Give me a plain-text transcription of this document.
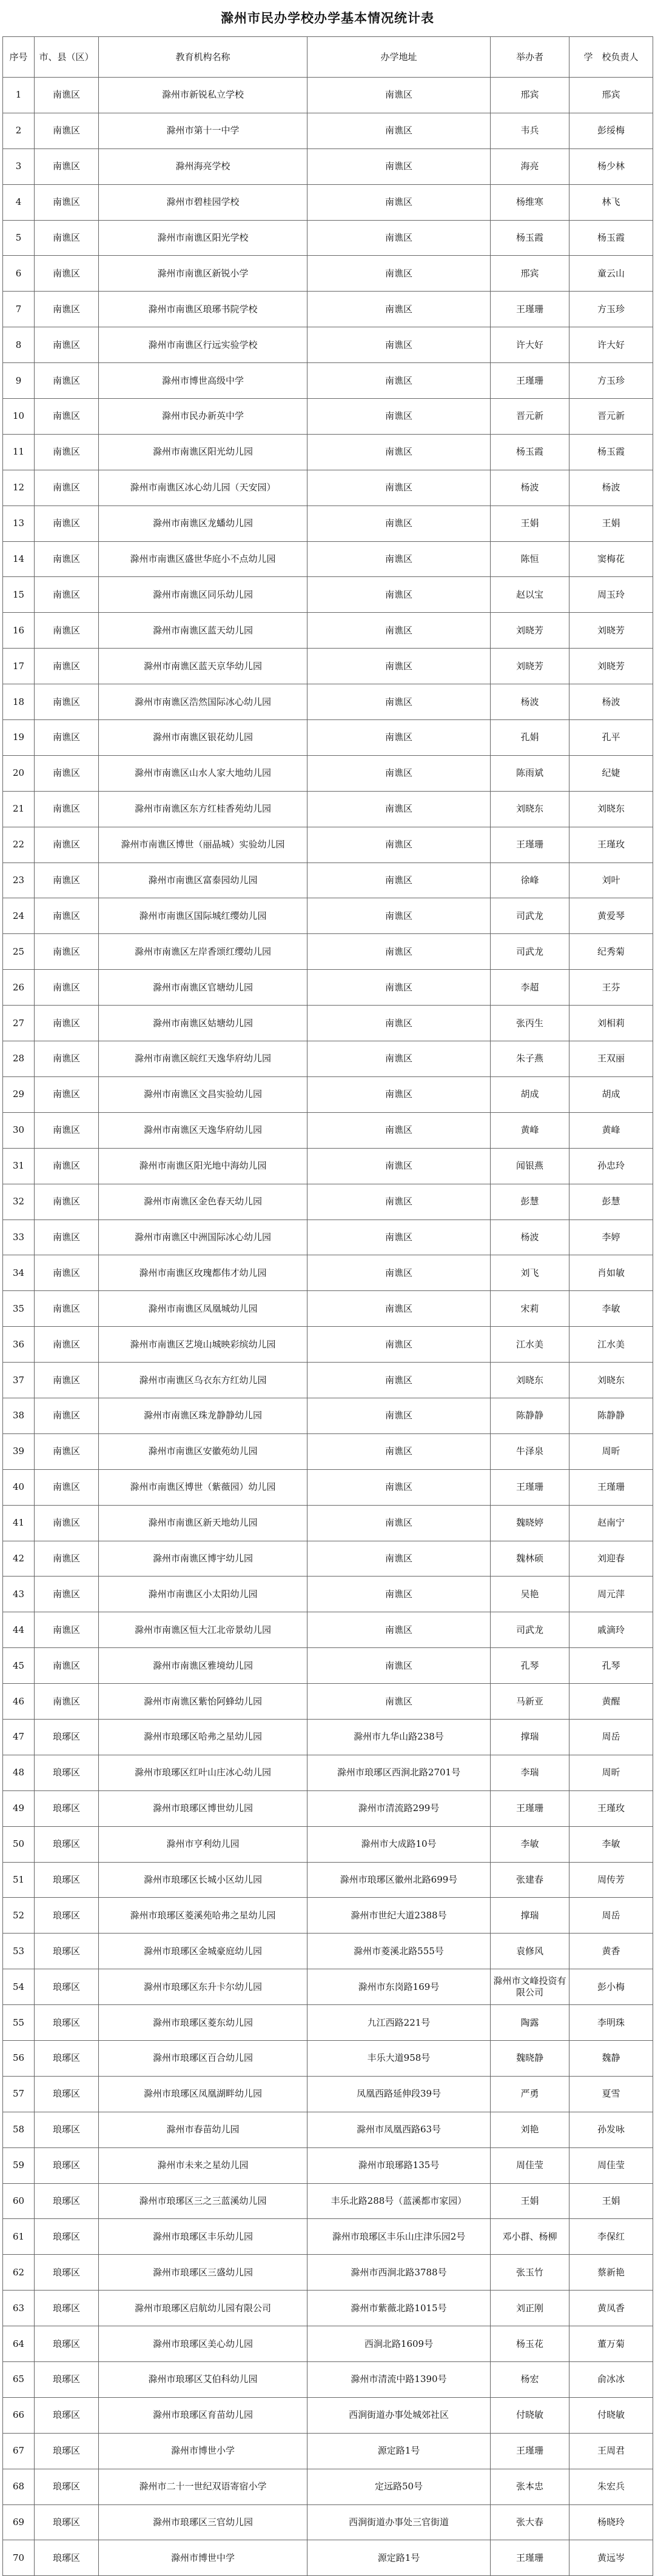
滁州市民办学校办学基本情况统计表
序号	市、县（区）	教育机构名称	办学地址	举办者	学　校负责人
1	南谯区	滁州市新锐私立学校	南谯区	邢宾	邢宾
2	南谯区	滁州市第十一中学	南谯区	韦兵	彭绥梅
3	南谯区	滁州海亮学校	南谯区	海亮	杨少林
4	南谯区	滁州市碧桂园学校	南谯区	杨维寒	林飞
5	南谯区	滁州市南谯区阳光学校	南谯区	杨玉霞	杨玉霞
6	南谯区	滁州市南谯区新锐小学	南谯区	邢宾	童云山
7	南谯区	滁州市南谯区琅琊书院学校	南谯区	王瑾珊	方玉珍
8	南谯区	滁州市南谯区行远实验学校	南谯区	许大好	许大好
9	南谯区	滁州市博世高级中学	南谯区	王瑾珊	方玉珍
10	南谯区	滁州市民办新英中学	南谯区	晋元新	晋元新
11	南谯区	滁州市南谯区阳光幼儿园	南谯区	杨玉霞	杨玉霞
12	南谯区	滁州市南谯区冰心幼儿园（天安园）	南谯区	杨波	杨波
13	南谯区	滁州市南谯区龙蟠幼儿园	南谯区	王娟	王娟
14	南谯区	滁州市南谯区盛世华庭小不点幼儿园	南谯区	陈恒	窦梅花
15	南谯区	滁州市南谯区同乐幼儿园	南谯区	赵以宝	周玉玲
16	南谯区	滁州市南谯区蓝天幼儿园	南谯区	刘晓芳	刘晓芳
17	南谯区	滁州市南谯区蓝天京华幼儿园	南谯区	刘晓芳	刘晓芳
18	南谯区	滁州市南谯区浩然国际冰心幼儿园	南谯区	杨波	杨波
19	南谯区	滁州市南谯区银花幼儿园	南谯区	孔娟	孔平
20	南谯区	滁州市南谯区山水人家大地幼儿园	南谯区	陈雨斌	纪婕
21	南谯区	滁州市南谯区东方红桂香苑幼儿园	南谯区	刘晓东	刘晓东
22	南谯区	滁州市南谯区博世（丽晶城）实验幼儿园	南谯区	王瑾珊	王瑾玫
23	南谯区	滁州市南谯区富泰园幼儿园	南谯区	徐峰	刘叶
24	南谯区	滁州市南谯区国际城红缨幼儿园	南谯区	司武龙	黄爱琴
25	南谯区	滁州市南谯区左岸香颂红缨幼儿园	南谯区	司武龙	纪秀菊
26	南谯区	滁州市南谯区官塘幼儿园	南谯区	李超	王芬
27	南谯区	滁州市南谯区姑塘幼儿园	南谯区	张丙生	刘相莉
28	南谯区	滁州市南谯区皖红天逸华府幼儿园	南谯区	朱子燕	王双丽
29	南谯区	滁州市南谯区文昌实验幼儿园	南谯区	胡成	胡成
30	南谯区	滁州市南谯区天逸华府幼儿园	南谯区	黄峰	黄峰
31	南谯区	滁州市南谯区阳光地中海幼儿园	南谯区	闻银燕	孙忠玲
32	南谯区	滁州市南谯区金色春天幼儿园	南谯区	彭慧	彭慧
33	南谯区	滁州市南谯区中洲国际冰心幼儿园	南谯区	杨波	李婷
34	南谯区	滁州市南谯区玫瑰都伟才幼儿园	南谯区	刘飞	肖如敏
35	南谯区	滁州市南谯区凤凰城幼儿园	南谯区	宋莉	李敏
36	南谯区	滁州市南谯区艺境山城映彩缤幼儿园	南谯区	江水美	江水美
37	南谯区	滁州市南谯区乌衣东方红幼儿园	南谯区	刘晓东	刘晓东
38	南谯区	滁州市南谯区珠龙静静幼儿园	南谯区	陈静静	陈静静
39	南谯区	滁州市南谯区安徽苑幼儿园	南谯区	牛泽泉	周昕
40	南谯区	滁州市南谯区博世（紫薇园）幼儿园	南谯区	王瑾珊	王瑾珊
41	南谯区	滁州市南谯区新天地幼儿园	南谯区	魏晓婷	赵南宁
42	南谯区	滁州市南谯区博宇幼儿园	南谯区	魏林硕	刘迎春
43	南谯区	滁州市南谯区小太阳幼儿园	南谯区	吴艳	周元萍
44	南谯区	滁州市南谯区恒大江北帝景幼儿园	南谯区	司武龙	戚滴玲
45	南谯区	滁州市南谯区雅境幼儿园	南谯区	孔琴	孔琴
46	南谯区	滁州市南谯区紫怡阿蜂幼儿园	南谯区	马新亚	黄醒
47	琅琊区	滁州市琅琊区哈弗之星幼儿园	滁州市九华山路238号	撑瑞	周岳
48	琅琊区	滁州市琅琊区红叶山庄冰心幼儿园	滁州市琅琊区西涧北路2701号	李瑞	周昕
49	琅琊区	滁州市琅琊区博世幼儿园	滁州市清流路299号	王瑾珊	王瑾玫
50	琅琊区	滁州市亨利幼儿园	滁州市大成路10号	李敏	李敏
51	琅琊区	滁州市琅琊区长城小区幼儿园	滁州市琅琊区徽州北路699号	张建春	周传芳
52	琅琊区	滁州市琅琊区菱溪苑哈弗之星幼儿园	滁州市世纪大道2388号	撑瑞	周岳
53	琅琊区	滁州市琅琊区金城豪庭幼儿园	滁州市菱溪北路555号	袁修风	黄香
54	琅琊区	滁州市琅琊区东升卡尔幼儿园	滁州市东岗路169号	滁州市文峰投资有限公司	彭小梅
55	琅琊区	滁州市琅琊区菱东幼儿园	九江西路221号	陶露	李明珠
56	琅琊区	滁州市琅琊区百合幼儿园	丰乐大道958号	魏晓静	魏静
57	琅琊区	滁州市琅琊区凤凰湖畔幼儿园	凤凰西路延伸段39号	严勇	夏雪
58	琅琊区	滁州市春苗幼儿园	滁州市凤凰西路63号	刘艳	孙发咏
59	琅琊区	滁州市未来之星幼儿园	滁州市琅琊路135号	周佳莹	周佳莹
60	琅琊区	滁州市琅琊区三之三蓝溪幼儿园	丰乐北路288号（蓝溪都市家园）	王娟	王娟
61	琅琊区	滁州市琅琊区丰乐幼儿园	滁州市琅琊区丰乐山庄津乐园2号	邓小群、杨柳	李保红
62	琅琊区	滁州市琅琊区三盛幼儿园	滁州市西涧北路3788号	张玉竹	蔡新艳
63	琅琊区	滁州市琅琊区启航幼儿园有限公司	滁州市紫薇北路1015号	刘正刚	黄凤香
64	琅琊区	滁州市琅琊区美心幼儿园	西涧北路1609号	杨玉花	董万菊
65	琅琊区	滁州市琅琊区艾伯科幼儿园	滁州市清流中路1390号	杨宏	俞冰冰
66	琅琊区	滁州市琅琊区育苗幼儿园	西涧街道办事处城郊社区	付晓敏	付晓敏
67	琅琊区	滁州市博世小学	源定路1号	王瑾珊	王周君
68	琅琊区	滁州市二十一世纪双语寄宿小学	定远路50号	张本忠	朱宏兵
69	琅琊区	滁州市琅琊区三官幼儿园	西涧街道办事处三官街道	张大春	杨晓玲
70	琅琊区	滁州市博世中学	源定路1号	王瑾珊	黄远岑
